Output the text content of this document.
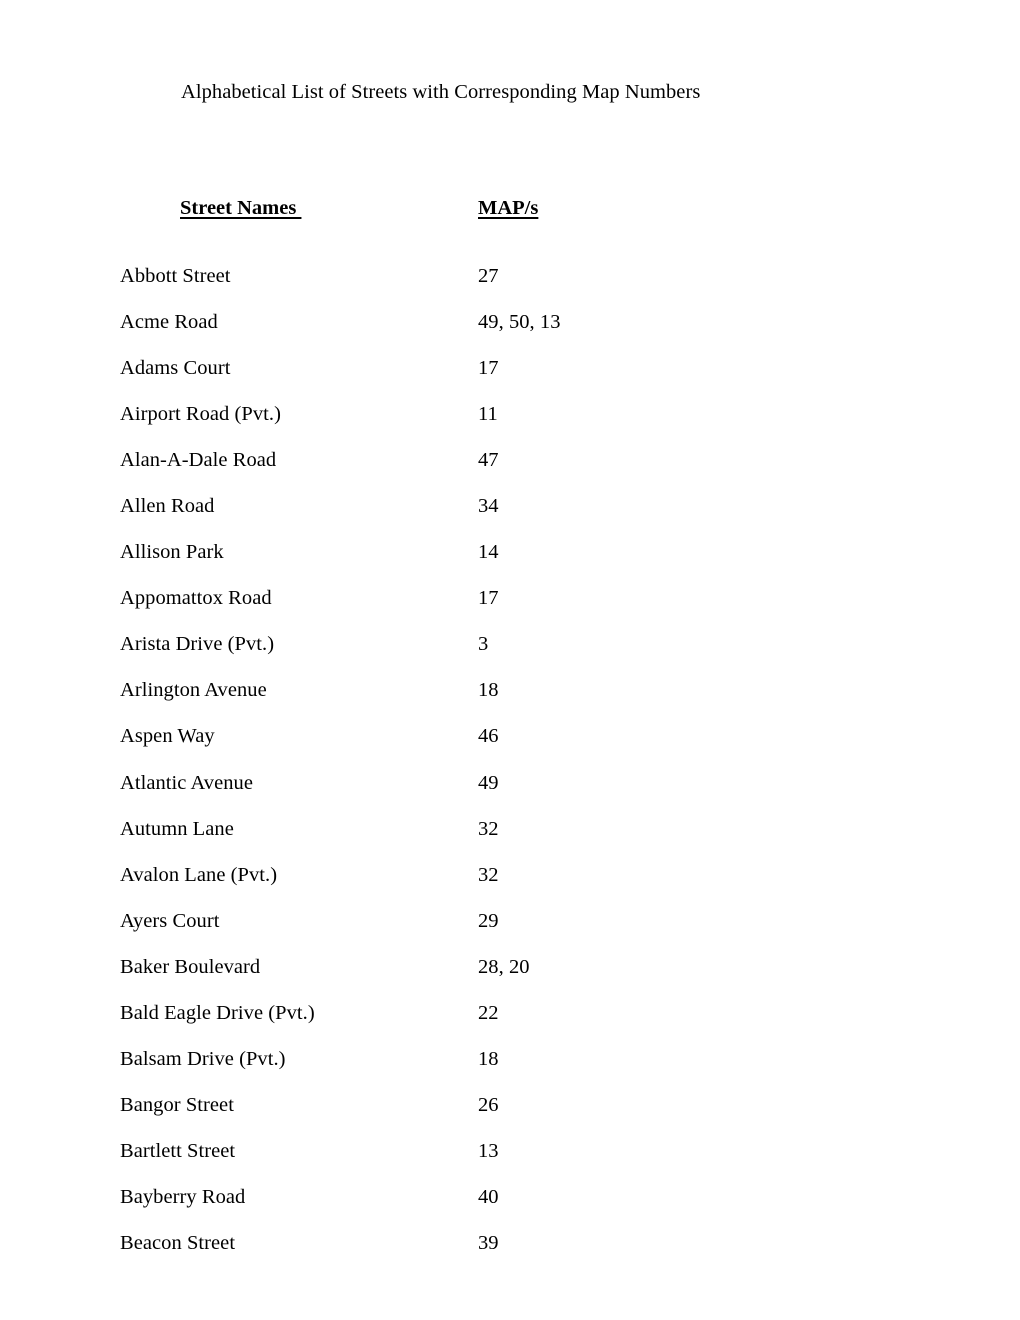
Alphabetical List of Streets with Corresponding Map Numbers
Street Names	MAP/s
Abbott Street	27
Acme Road	49, 50, 13
Adams Court	17
Airport Road (Pvt.)	11
Alan-A-Dale Road	47
Allen Road	34
Allison Park	14
Appomattox Road	17
Arista Drive (Pvt.)	3
Arlington Avenue	18
Aspen Way	46
Atlantic Avenue	49
Autumn Lane	32
Avalon Lane (Pvt.)	32
Ayers Court	29
Baker Boulevard	28, 20
Bald Eagle Drive (Pvt.)	22
Balsam Drive (Pvt.)	18
Bangor Street	26
Bartlett Street	13
Bayberry Road	40
Beacon Street	39
